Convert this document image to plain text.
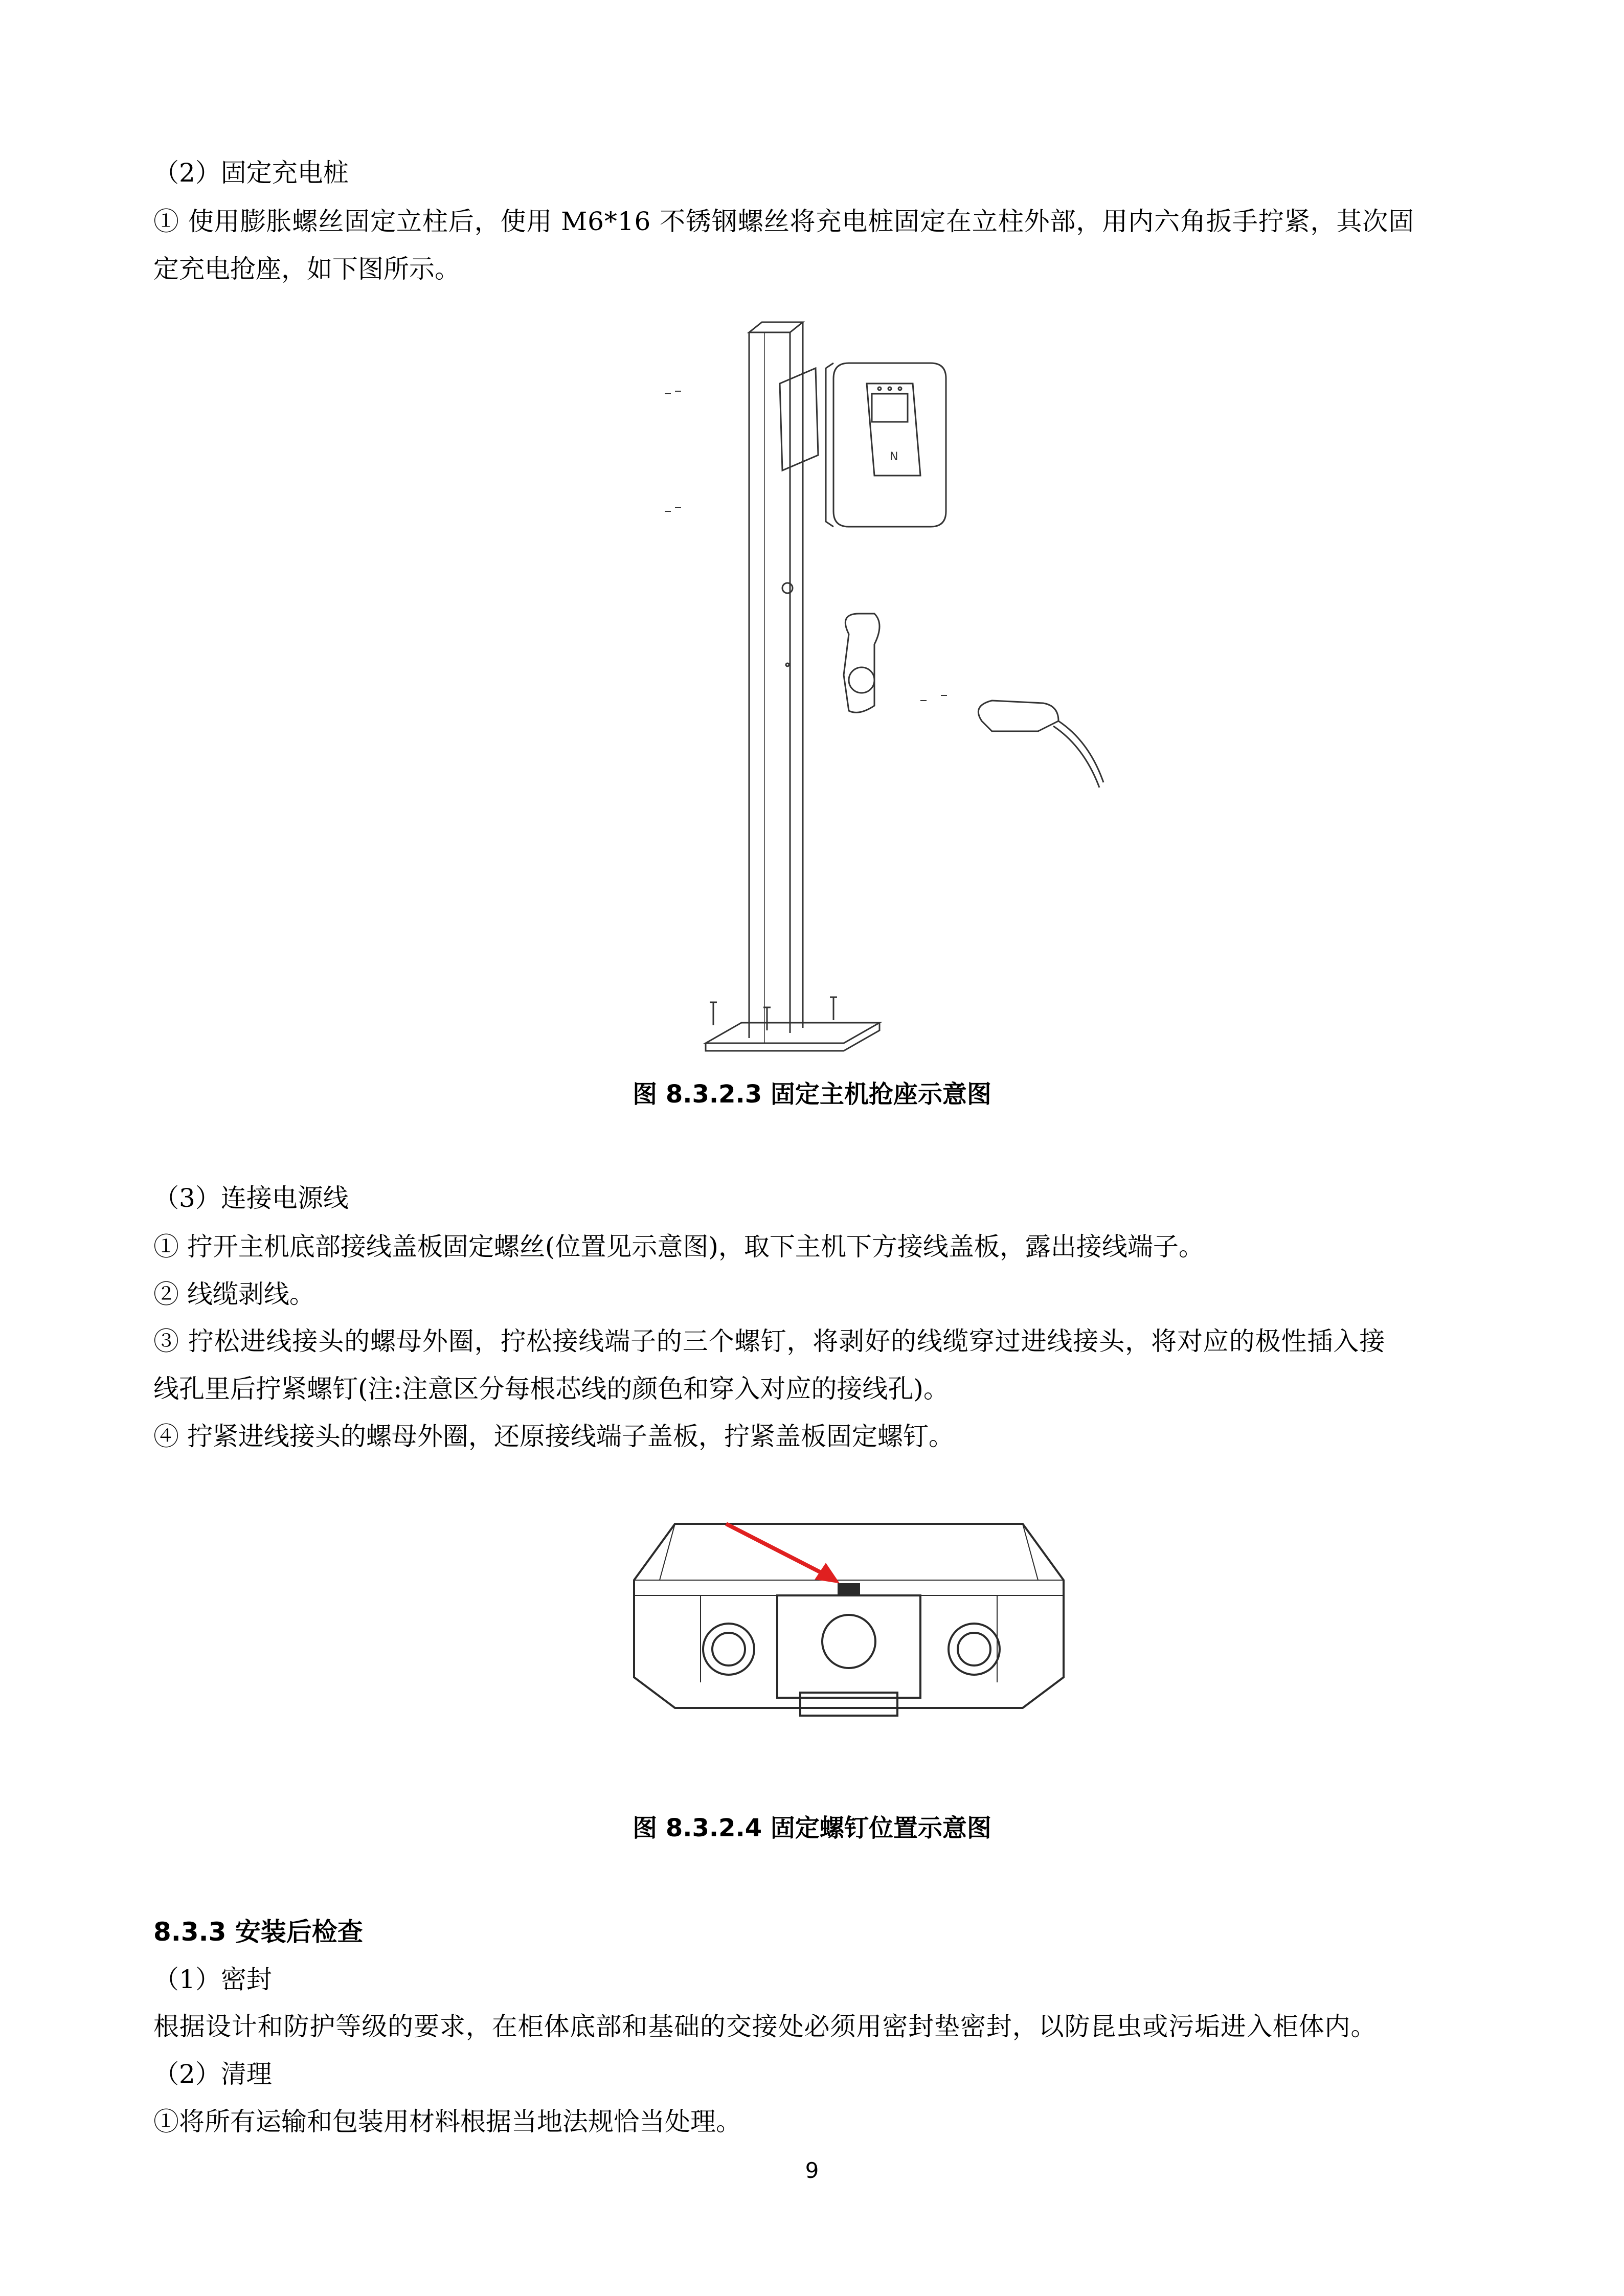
（2）固定充电桩
① 使用膨胀螺丝固定立柱后，使用 M6*16 不锈钢螺丝将充电桩固定在立柱外部，用内六角扳手拧紧，其次固
定充电抢座，如下图所示。
N
图 8.3.2.3 固定主机抢座示意图
（3）连接电源线
① 拧开主机底部接线盖板固定螺丝(位置见示意图)，取下主机下方接线盖板，露出接线端子。
② 线缆剥线。
③ 拧松进线接头的螺母外圈，拧松接线端子的三个螺钉，将剥好的线缆穿过进线接头，将对应的极性插入接
线孔里后拧紧螺钉(注:注意区分每根芯线的颜色和穿入对应的接线孔)。
④ 拧紧进线接头的螺母外圈，还原接线端子盖板，拧紧盖板固定螺钉。
图 8.3.2.4 固定螺钉位置示意图
8.3.3 安装后检查
（1）密封
根据设计和防护等级的要求，在柜体底部和基础的交接处必须用密封垫密封，以防昆虫或污垢进入柜体内。
（2）清理
①将所有运输和包装用材料根据当地法规恰当处理。
9
